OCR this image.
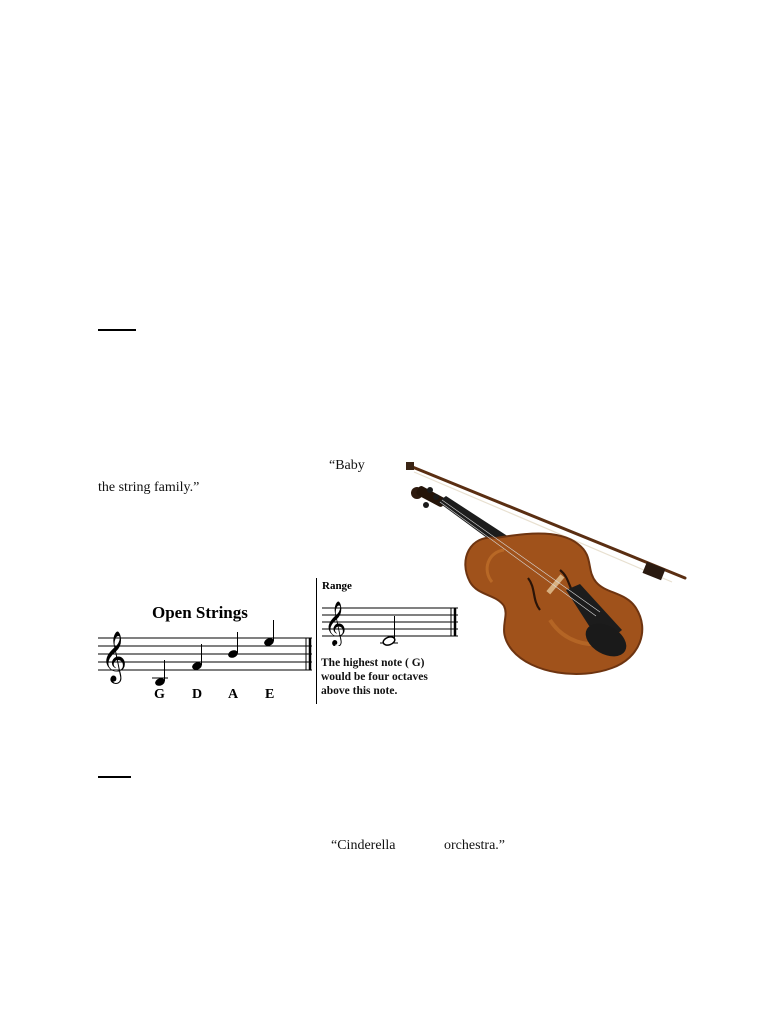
“Baby
the string family.”
Open Strings
𝄞
G D A E
Range
𝄞
The highest note ( G)
would be four octaves
above this note.
“Cinderella	orchestra.”
